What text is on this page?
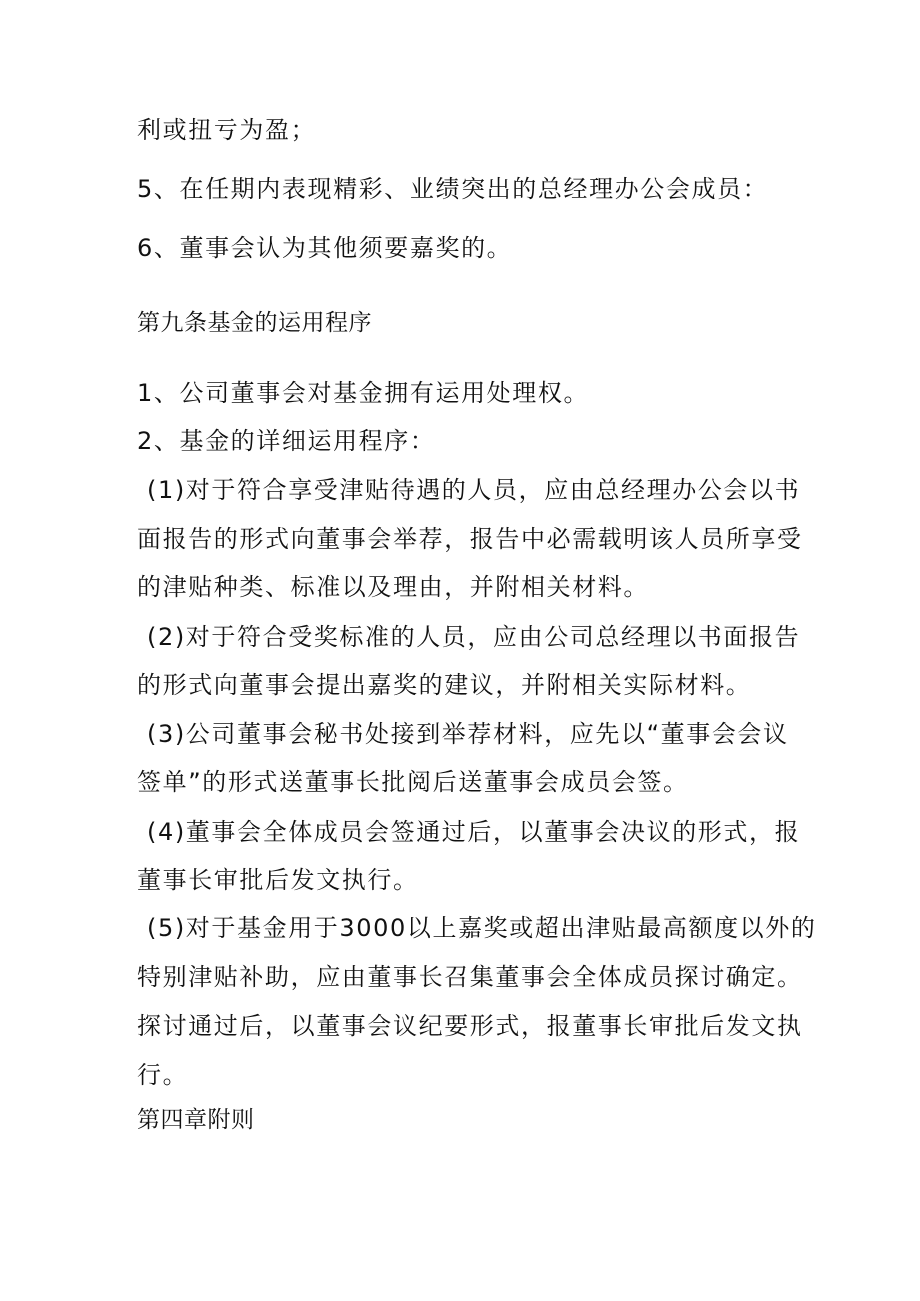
利或扭亏为盈；
5、在任期内表现精彩、业绩突出的总经理办公会成员：
6、董事会认为其他须要嘉奖的。
第九条基金的运用程序
1、公司董事会对基金拥有运用处理权。
2、基金的详细运用程序：
(1)对于符合享受津贴待遇的人员，应由总经理办公会以书
面报告的形式向董事会举荐，报告中必需载明该人员所享受
的津贴种类、标准以及理由，并附相关材料。
(2)对于符合受奖标准的人员，应由公司总经理以书面报告
的形式向董事会提出嘉奖的建议，并附相关实际材料。
(3)公司董事会秘书处接到举荐材料，应先以“董事会会议
签单”的形式送董事长批阅后送董事会成员会签。
(4)董事会全体成员会签通过后，以董事会决议的形式，报
董事长审批后发文执行。
(5)对于基金用于3000以上嘉奖或超出津贴最高额度以外的
特别津贴补助，应由董事长召集董事会全体成员探讨确定。
探讨通过后，以董事会议纪要形式，报董事长审批后发文执
行。
第四章附则
